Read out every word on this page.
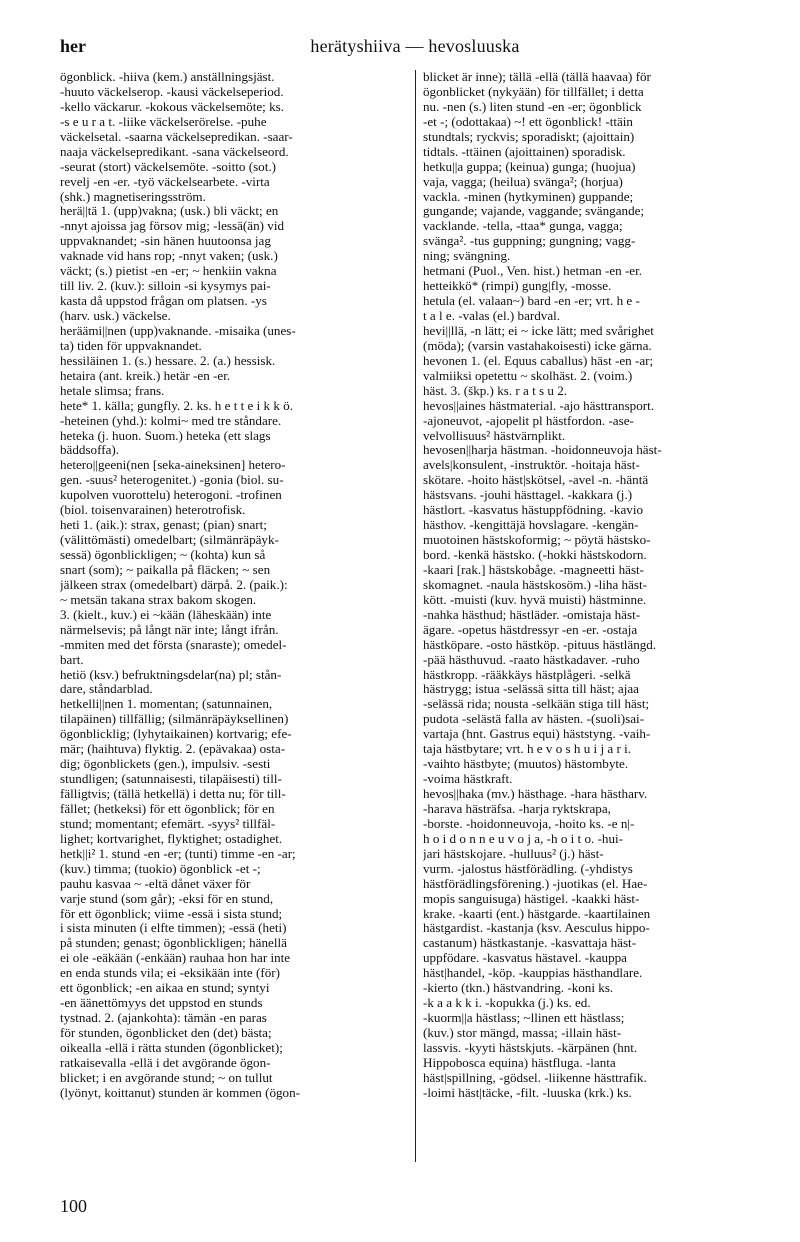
her	herätyshiiva — hevosluuska
ögonblick. -hiiva (kem.) anställningsjäst.
-huuto väckelserop. -kausi väckelseperiod.
-kello väckarur. -kokous väckelsemöte; ks.
-s e u r a t. -liike väckelserörelse. -puhe
väckelsetal. -saarna väckelsepredikan. -saar-
naaja väckelsepredikant. -sana väckelseord.
-seurat (stort) väckelsemöte. -soitto (sot.)
revelj -en -er. -työ väckelsearbete. -virta
(shk.) magnetiseringsström.
herä||tä 1. (upp)vakna; (usk.) bli väckt; en
-nnyt ajoissa jag försov mig; -lessä(än) vid
uppvaknandet; -sin hänen huutoonsa jag
vaknade vid hans rop; -nnyt vaken; (usk.)
väckt; (s.) pietist -en -er; ~ henkiin vakna
till liv. 2. (kuv.): silloin -si kysymys pai-
kasta då uppstod frågan om platsen. -ys
(harv. usk.) väckelse.
heräämi||nen (upp)vaknande. -misaika (unes-
ta) tiden för uppvaknandet.
hessiläinen 1. (s.) hessare. 2. (a.) hessisk.
hetaira (ant. kreik.) hetär -en -er.
hetale slimsa; frans.
hete* 1. källa; gungfly. 2. ks. h e t t e i k k ö.
-heteinen (yhd.): kolmi~ med tre ståndare.
heteka (j. huon. Suom.) heteka (ett slags
bäddsoffa).
hetero||geeni(nen [seka-aineksinen] hetero-
gen. -suus² heterogenitet.) -gonia (biol. su-
kupolven vuorottelu) heterogoni. -trofinen
(biol. toisenvarainen) heterotrofisk.
heti 1. (aik.): strax, genast; (pian) snart;
(välittömästi) omedelbart; (silmänräpäyk-
sessä) ögonblickligen; ~ (kohta) kun så
snart (som); ~ paikalla på fläcken; ~ sen
jälkeen strax (omedelbart) därpå. 2. (paik.):
~ metsän takana strax bakom skogen.
3. (kielt., kuv.) ei ~kään (läheskään) inte
närmelsevis; på långt när inte; långt ifrån.
-mmiten med det första (snaraste); omedel-
bart.
hetiö (ksv.) befruktningsdelar(na) pl; stån-
dare, ståndarblad.
hetkelli||nen 1. momentan; (satunnainen,
tilapäinen) tillfällig; (silmänräpäyksellinen)
ögonblicklig; (lyhytaikainen) kortvarig; efe-
mär; (haihtuva) flyktig. 2. (epävakaa) osta-
dig; ögonblickets (gen.), impulsiv. -sesti
stundligen; (satunnaisesti, tilapäisesti) till-
fälligtvis; (tällä hetkellä) i detta nu; för till-
fället; (hetkeksi) för ett ögonblick; för en
stund; momentant; efemärt. -syys² tillfäl-
lighet; kortvarighet, flyktighet; ostadighet.
hetk||i² 1. stund -en -er; (tunti) timme -en -ar;
(kuv.) timma; (tuokio) ögonblick -et -;
pauhu kasvaa ~ -eltä dånet växer för
varje stund (som går); -eksi för en stund,
för ett ögonblick; viime -essä i sista stund;
i sista minuten (i elfte timmen); -essä (heti)
på stunden; genast; ögonblickligen; hänellä
ei ole -eäkään (-enkään) rauhaa hon har inte
en enda stunds vila; ei -eksikään inte (för)
ett ögonblick; -en aikaa en stund; syntyi
-en äänettömyys det uppstod en stunds
tystnad. 2. (ajankohta): tämän -en paras
för stunden, ögonblicket den (det) bästa;
oikealla -ellä i rätta stunden (ögonblicket);
ratkaisevalla -ellä i det avgörande ögon-
blicket; i en avgörande stund; ~ on tullut
(lyönyt, koittanut) stunden är kommen (ögon-
blicket är inne); tällä -ellä (tällä haavaa) för
ögonblicket (nykyään) för tillfället; i detta
nu. -nen (s.) liten stund -en -er; ögonblick
-et -; (odottakaa) ~! ett ögonblick! -ttäin
stundtals; ryckvis; sporadiskt; (ajoittain)
tidtals. -ttäinen (ajoittainen) sporadisk.
hetku||a guppa; (keinua) gunga; (huojua)
vaja, vagga; (heilua) svänga²; (horjua)
vackla. -minen (hytkyminen) guppande;
gungande; vajande, vaggande; svängande;
vacklande. -tella, -ttaa* gunga, vagga;
svänga². -tus guppning; gungning; vagg-
ning; svängning.
hetmani (Puol., Ven. hist.) hetman -en -er.
hetteikkö* (rimpi) gung|fly, -mosse.
hetula (el. valaan~) bard -en -er; vrt. h e -
t a l e. -valas (el.) bardval.
hevi||llä, -n lätt; ei ~ icke lätt; med svårighet
(möda); (varsin vastahakoisesti) icke gärna.
hevonen 1. (el. Equus caballus) häst -en -ar;
valmiiksi opetettu ~ skolhäst. 2. (voim.)
häst. 3. (škp.) ks. r a t s u 2.
hevos||aines hästmaterial. -ajo hästtransport.
-ajoneuvot, -ajopelit pl hästfordon. -ase-
velvollisuus² hästvärnplikt.
hevosen||harja hästman. -hoidonneuvoja häst-
avels|konsulent, -instruktör. -hoitaja häst-
skötare. -hoito häst|skötsel, -avel -n. -häntä
hästsvans. -jouhi hästtagel. -kakkara (j.)
hästlort. -kasvatus hästuppfödning. -kavio
hästhov. -kengittäjä hovslagare. -kengän-
muotoinen hästskoformig; ~ pöytä hästsko-
bord. -kenkä hästsko. (-hokki hästskodorn.
-kaari [rak.] hästskobåge. -magneetti häst-
skomagnet. -naula hästskosöm.) -liha häst-
kött. -muisti (kuv. hyvä muisti) hästminne.
-nahka hästhud; hästläder. -omistaja häst-
ägare. -opetus hästdressyr -en -er. -ostaja
hästköpare. -osto hästköp. -pituus hästlängd.
-pää hästhuvud. -raato hästkadaver. -ruho
hästkropp. -rääkkäys hästplågeri. -selkä
hästrygg; istua -selässä sitta till häst; ajaa
-selässä rida; nousta -selkään stiga till häst;
pudota -selästä falla av hästen. -(suoli)sai-
vartaja (hnt. Gastrus equi) häststyng. -vaih-
taja hästbytare; vrt. h e v o s h u i j a r i.
-vaihto hästbyte; (muutos) hästombyte.
-voima hästkraft.
hevos||haka (mv.) hästhage. -hara hästharv.
-harava hästräfsa. -harja ryktskrapa,
-borste. -hoidonneuvoja, -hoito ks. -e n|-
h o i d o n n e u v o j a, -h o i t o. -hui-
jari hästskojare. -hulluus² (j.) häst-
vurm. -jalostus hästförädling. (-yhdistys
hästförädlingsförening.) -juotikas (el. Hae-
mopis sanguisuga) hästigel. -kaakki häst-
krake. -kaarti (ent.) hästgarde. -kaartilainen
hästgardist. -kastanja (ksv. Aesculus hippo-
castanum) hästkastanje. -kasvattaja häst-
uppfödare. -kasvatus hästavel. -kauppa
häst|handel, -köp. -kauppias hästhandlare.
-kierto (tkn.) hästvandring. -koni ks.
-k a a k k i. -kopukka (j.) ks. ed.
-kuorm||a hästlass; ~llinen ett hästlass;
(kuv.) stor mängd, massa; -illain häst-
lassvis. -kyyti hästskjuts. -kärpänen (hnt.
Hippobosca equina) hästfluga. -lanta
häst|spillning, -gödsel. -liikenne hästtrafik.
-loimi häst|täcke, -filt. -luuska (krk.) ks.
100
